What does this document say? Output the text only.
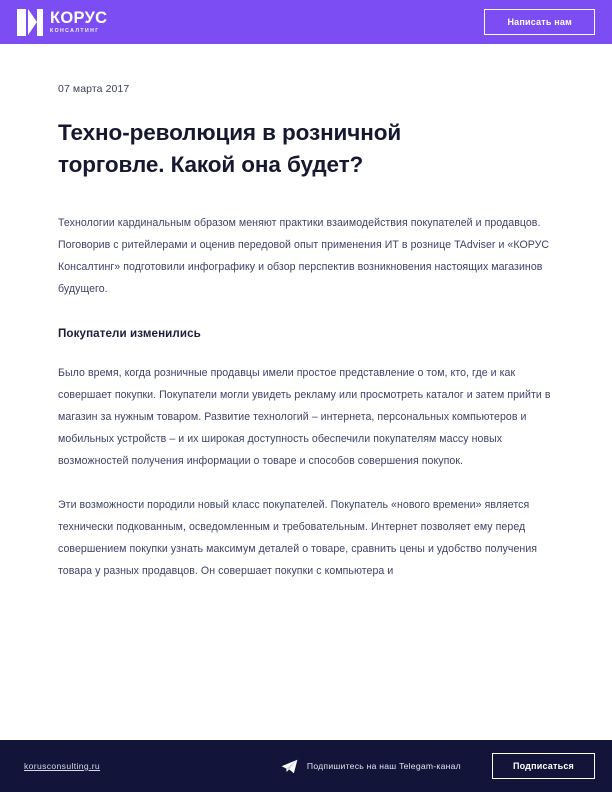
КОРУС
КОНСАЛТИНГ
Написать нам
07 марта 2017
Техно-революция в розничной торговле. Какой она будет?

Технологии кардинальным образом меняют практики взаимодействия покупателей и продавцов. Поговорив с ритейлерами и оценив передовой опыт применения ИТ в рознице TAdviser и «КОРУС Консалтинг» подготовили инфографику и обзор перспектив возникновения настоящих магазинов будущего.

Покупатели изменились

Было время, когда розничные продавцы имели простое представление о том, кто, где и как совершает покупки. Покупатели могли увидеть рекламу или просмотреть каталог и затем прийти в магазин за нужным товаром. Развитие технологий – интернета, персональных компьютеров и мобильных устройств – и их широкая доступность обеспечили покупателям массу новых возможностей получения информации о товаре и способов совершения покупок.

Эти возможности породили новый класс покупателей. Покупатель «нового времени» является технически подкованным, осведомленным и требовательным. Интернет позволяет ему перед совершением покупки узнать максимум деталей о товаре, сравнить цены и удобство получения товара у разных продавцов. Он совершает покупки с компьютера и

korusconsulting.ru	Подпишитесь на наш Telegam-канал	Подписаться
